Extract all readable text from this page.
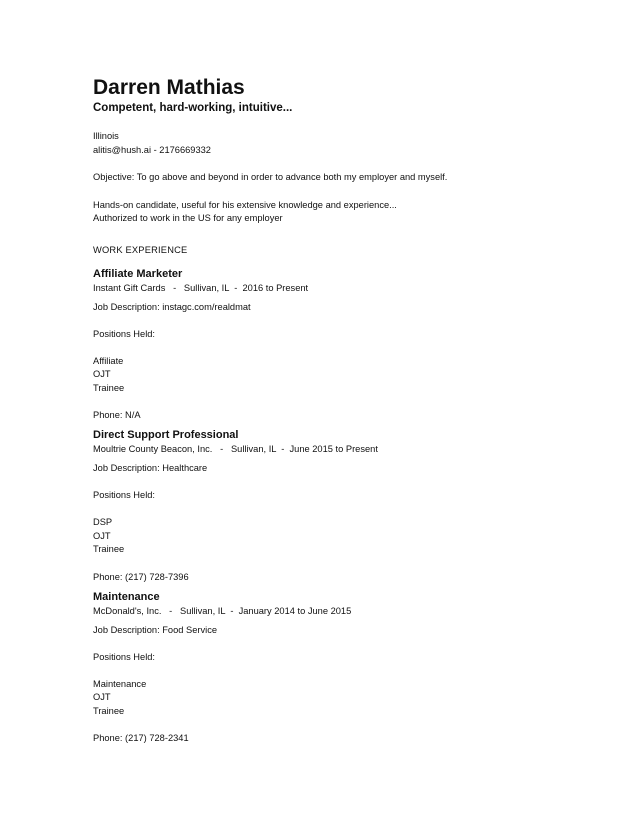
Darren Mathias

Competent, hard-working, intuitive...

Illinois

alitis@hush.ai - 2176669332

Objective: To go above and beyond in order to advance both my employer and myself.

Hands-on candidate, useful for his extensive knowledge and experience...

Authorized to work in the US for any employer

WORK EXPERIENCE

Affiliate Marketer

Instant Gift Cards   -   Sullivan, IL  -  2016 to Present

Job Description: instagc.com/realdmat

Positions Held:

Affiliate
OJT
Trainee

Phone: N/A

Direct Support Professional

Moultrie County Beacon, Inc.   -   Sullivan, IL  -  June 2015 to Present

Job Description: Healthcare

Positions Held:

DSP
OJT
Trainee

Phone: (217) 728-7396

Maintenance

McDonald's, Inc.   -   Sullivan, IL  -  January 2014 to June 2015

Job Description: Food Service

Positions Held:

Maintenance
OJT
Trainee

Phone: (217) 728-2341
